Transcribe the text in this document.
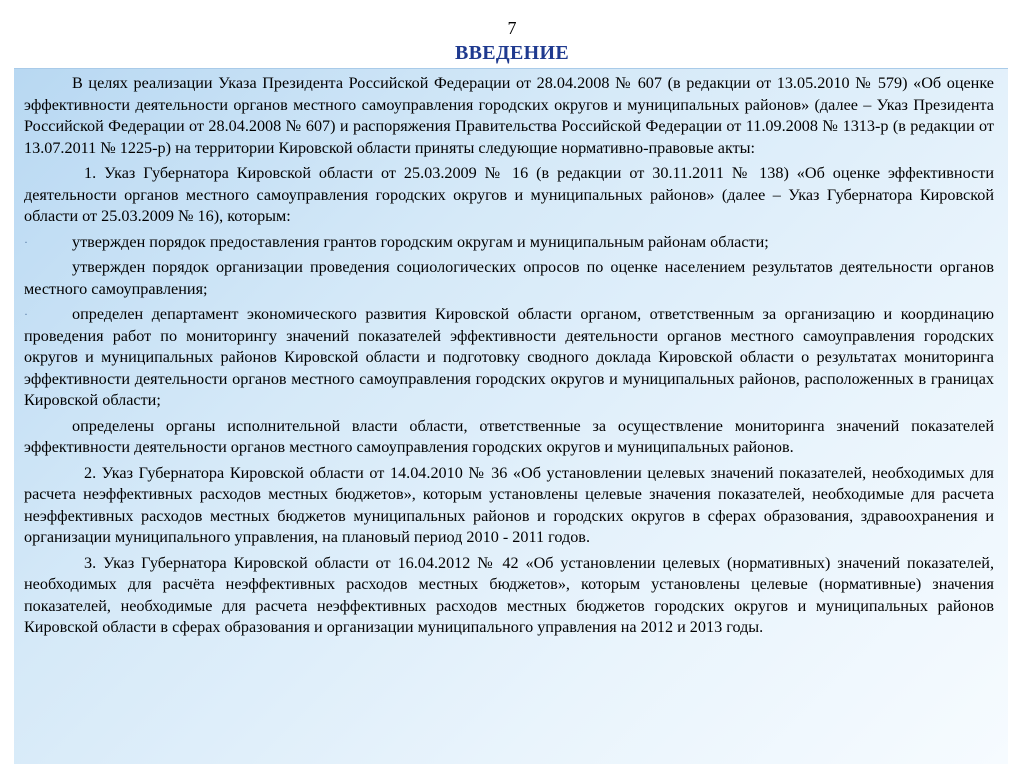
7
ВВЕДЕНИЕ

В целях реализации Указа Президента Российской Федерации от 28.04.2008 № 607 (в редакции от 13.05.2010 № 579) «Об оценке эффективности деятельности органов местного самоуправления городских округов и муниципальных районов» (далее – Указ Президента Российской Федерации от 28.04.2008 № 607) и распоряжения Правительства Российской Федерации от 11.09.2008 № 1313-р (в редакции от 13.07.2011 № 1225-р) на территории Кировской области приняты следующие нормативно-правовые акты:

1. Указ Губернатора Кировской области от 25.03.2009 № 16 (в редакции от 30.11.2011 № 138) «Об оценке эффективности деятельности органов местного самоуправления городских округов и муниципальных районов» (далее – Указ Губернатора Кировской области от 25.03.2009 № 16), которым:

·	утвержден порядок предоставления грантов городским округам и муниципальным районам области;

утвержден порядок организации проведения социологических опросов по оценке населением результатов деятельности органов местного самоуправления;

·	определен департамент экономического развития Кировской области органом, ответственным за организацию и координацию проведения работ по мониторингу значений показателей эффективности деятельности органов местного самоуправления городских округов и муниципальных районов Кировской области и подготовку сводного доклада Кировской области о результатах мониторинга эффективности деятельности органов местного самоуправления городских округов и муниципальных районов, расположенных в границах Кировской области;

определены органы исполнительной власти области, ответственные за осуществление мониторинга значений показателей эффективности деятельности органов местного самоуправления городских округов и муниципальных районов.

2. Указ Губернатора Кировской области от 14.04.2010 № 36 «Об установлении целевых значений показателей, необходимых для расчета неэффективных расходов местных бюджетов», которым установлены целевые значения показателей, необходимые для расчета неэффективных расходов местных бюджетов муниципальных районов и городских округов в сферах образования, здравоохранения и организации муниципального управления, на плановый период 2010 - 2011 годов.

3. Указ Губернатора Кировской области от 16.04.2012 № 42 «Об установлении целевых (нормативных) значений показателей, необходимых для расчёта неэффективных расходов местных бюджетов», которым установлены целевые (нормативные) значения показателей, необходимые для расчета неэффективных расходов местных бюджетов городских округов и муниципальных районов Кировской области в сферах образования и организации муниципального управления на 2012 и 2013 годы.
